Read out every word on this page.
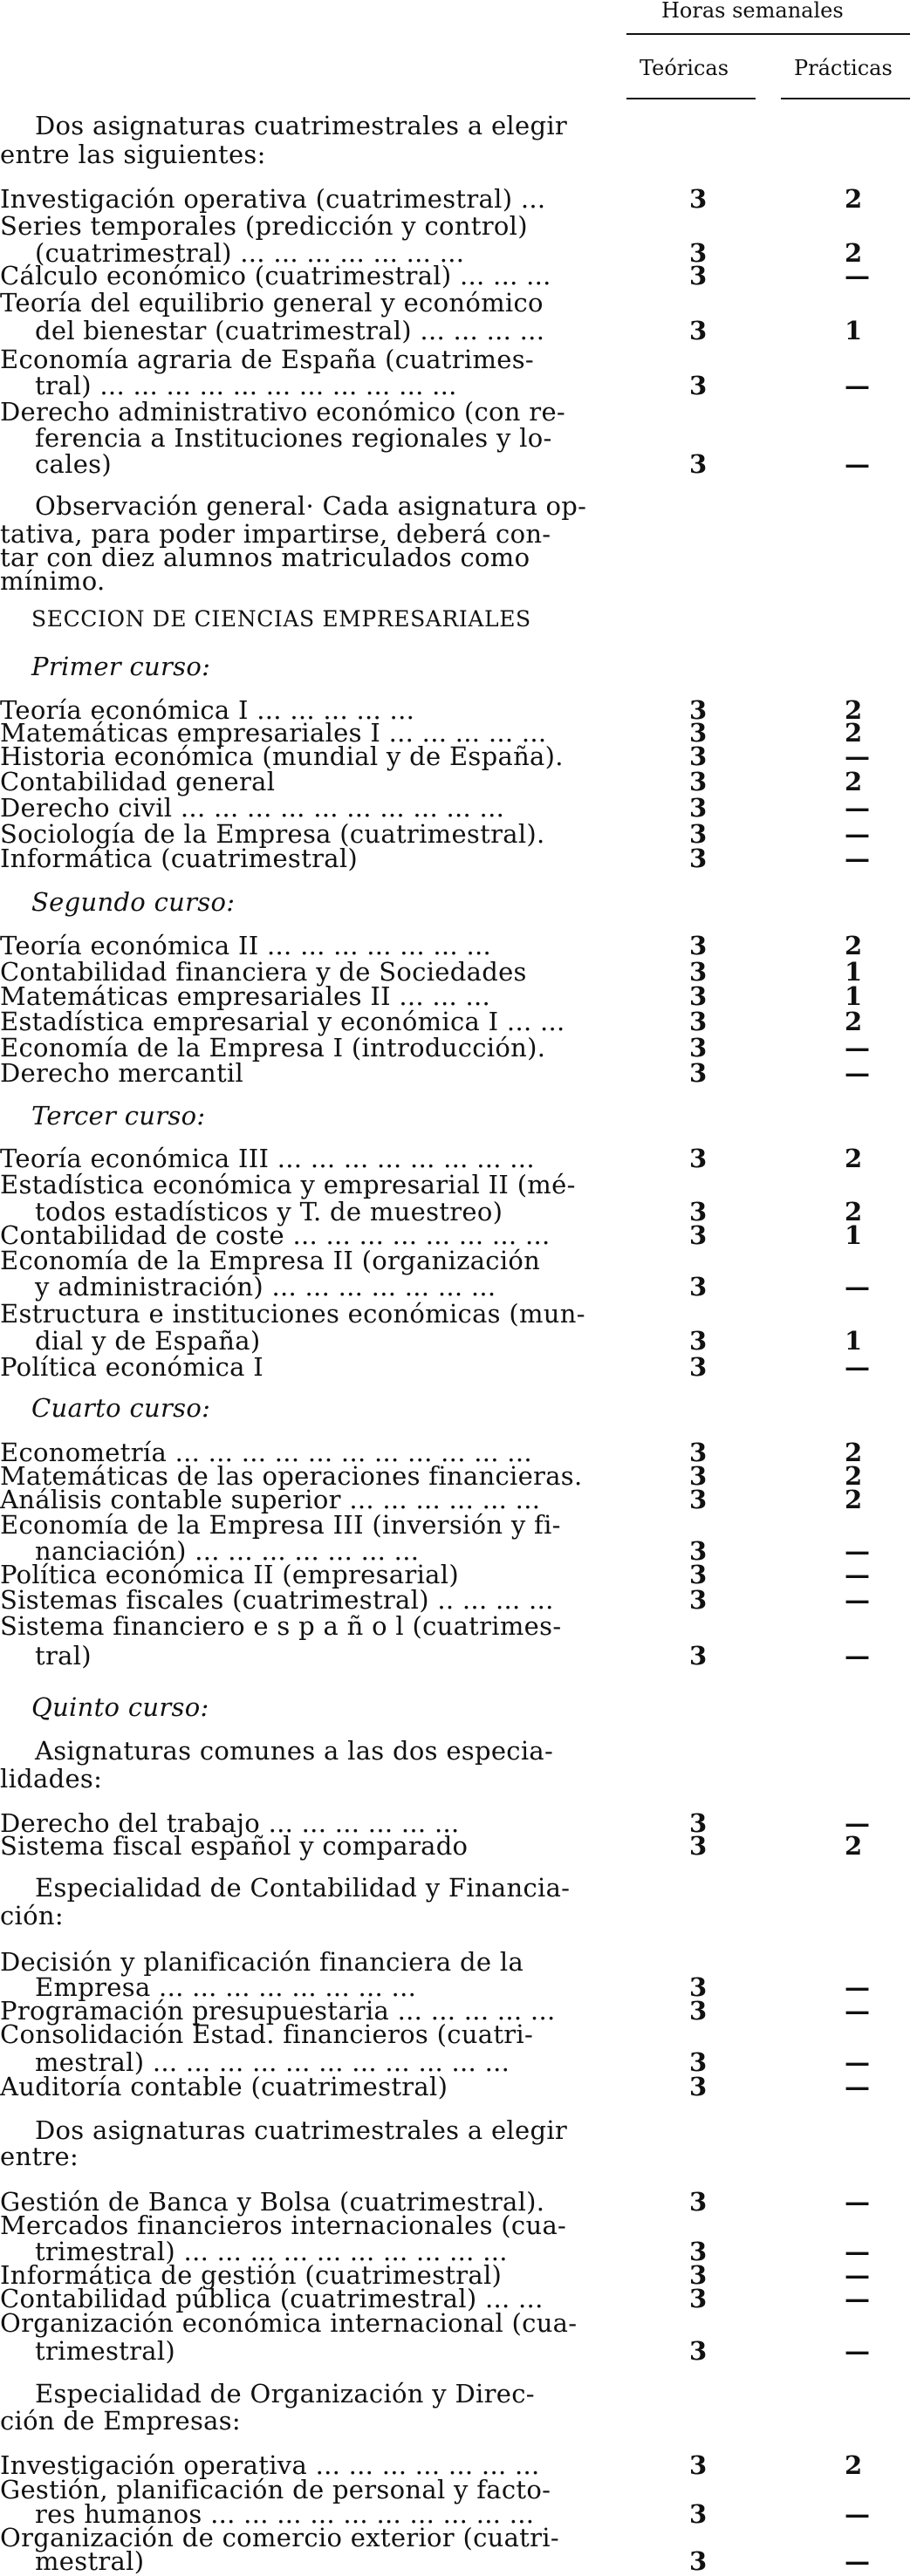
Horas semanales
Teóricas	Prácticas
Dos asignaturas cuatrimestrales a elegir
entre las siguientes:
Investigación operativa (cuatrimestral) ...	3	2
Series temporales (predicción y control)
(cuatrimestral) ... ... ... ... ... ... ...	3	2
Cálculo económico (cuatrimestral) ... ... ...	3	—
Teoría del equilibrio general y económico
del bienestar (cuatrimestral) ... ... ... ...	3	1
Economía agraria de España (cuatrimes-
tral) ... ... ... ... ... ... ... ... ... ... ...	3	—
Derecho administrativo económico (con re-
ferencia a Instituciones regionales y lo-
cales)	3	—
Observación general· Cada asignatura op-
tativa, para poder impartirse, deberá con-
tar con diez alumnos matriculados como
mínimo.
SECCION DE CIENCIAS EMPRESARIALES
Primer curso:
Teoría económica I ... ... ... ... ...	3	2
Matemáticas empresariales I ... ... ... ... ...	3	2
Historia económica (mundial y de España).	3	—
Contabilidad general	3	2
Derecho civil ... ... ... ... ... ... ... ... ... ...	3	—
Sociología de la Empresa (cuatrimestral).	3	—
Informática (cuatrimestral)	3	—
Segundo curso:
Teoría económica II ... ... ... ... ... ... ...	3	2
Contabilidad financiera y de Sociedades	3	1
Matemáticas empresariales II ... ... ...	3	1
Estadística empresarial y económica I ... ...	3	2
Economía de la Empresa I (introducción).	3	—
Derecho mercantil	3	—
Tercer curso:
Teoría económica III ... ... ... ... ... ... ... ...	3	2
Estadística económica y empresarial II (mé-
todos estadísticos y T. de muestreo)	3	2
Contabilidad de coste ... ... ... ... ... ... ... ...	3	1
Economía de la Empresa II (organización
y administración) ... ... ... ... ... ... ...	3	—
Estructura e instituciones económicas (mun-
dial y de España)	3	1
Política económica I	3	—
Cuarto curso:
Econometría ... ... ... ... ... ... ... ... ... ... ...	3	2
Matemáticas de las operaciones financieras.	3	2
Análisis contable superior ... ... ... ... ... ...	3	2
Economía de la Empresa III (inversión y fi-
nanciación) ... ... ... ... ... ... ...	3	—
Política económica II (empresarial)	3	—
Sistemas fiscales (cuatrimestral) .. ... ... ...	3	—
Sistema financiero e s p a ñ o l (cuatrimes-
tral)	3	—
Quinto curso:
Asignaturas comunes a las dos especia-
lidades:
Derecho del trabajo ... ... ... ... ... ...	3	—
Sistema fiscal español y comparado	3	2
Especialidad de Contabilidad y Financia-
ción:
Decisión y planificación financiera de la
Empresa ... ... ... ... ... ... ... ...	3	—
Programación presupuestaria ... ... ... ... ...	3	—
Consolidación Estad. financieros (cuatri-
mestral) ... ... ... ... ... ... ... ... ... ... ...	3	—
Auditoría contable (cuatrimestral)	3	—
Dos asignaturas cuatrimestrales a elegir
entre:
Gestión de Banca y Bolsa (cuatrimestral).	3	—
Mercados financieros internacionales (cua-
trimestral) ... ... ... ... ... ... ... ... ... ...	3	—
Informática de gestión (cuatrimestral)	3	—
Contabilidad pública (cuatrimestral) ... ...	3	—
Organización económica internacional (cua-
trimestral)	3	—
Especialidad de Organización y Direc-
ción de Empresas:
Investigación operativa ... ... ... ... ... ... ...	3	2
Gestión, planificación de personal y facto-
res humanos ... ... ... ... ... ... ... ... ... ...	3	—
Organización de comercio exterior (cuatri-
mestral)	3	—
